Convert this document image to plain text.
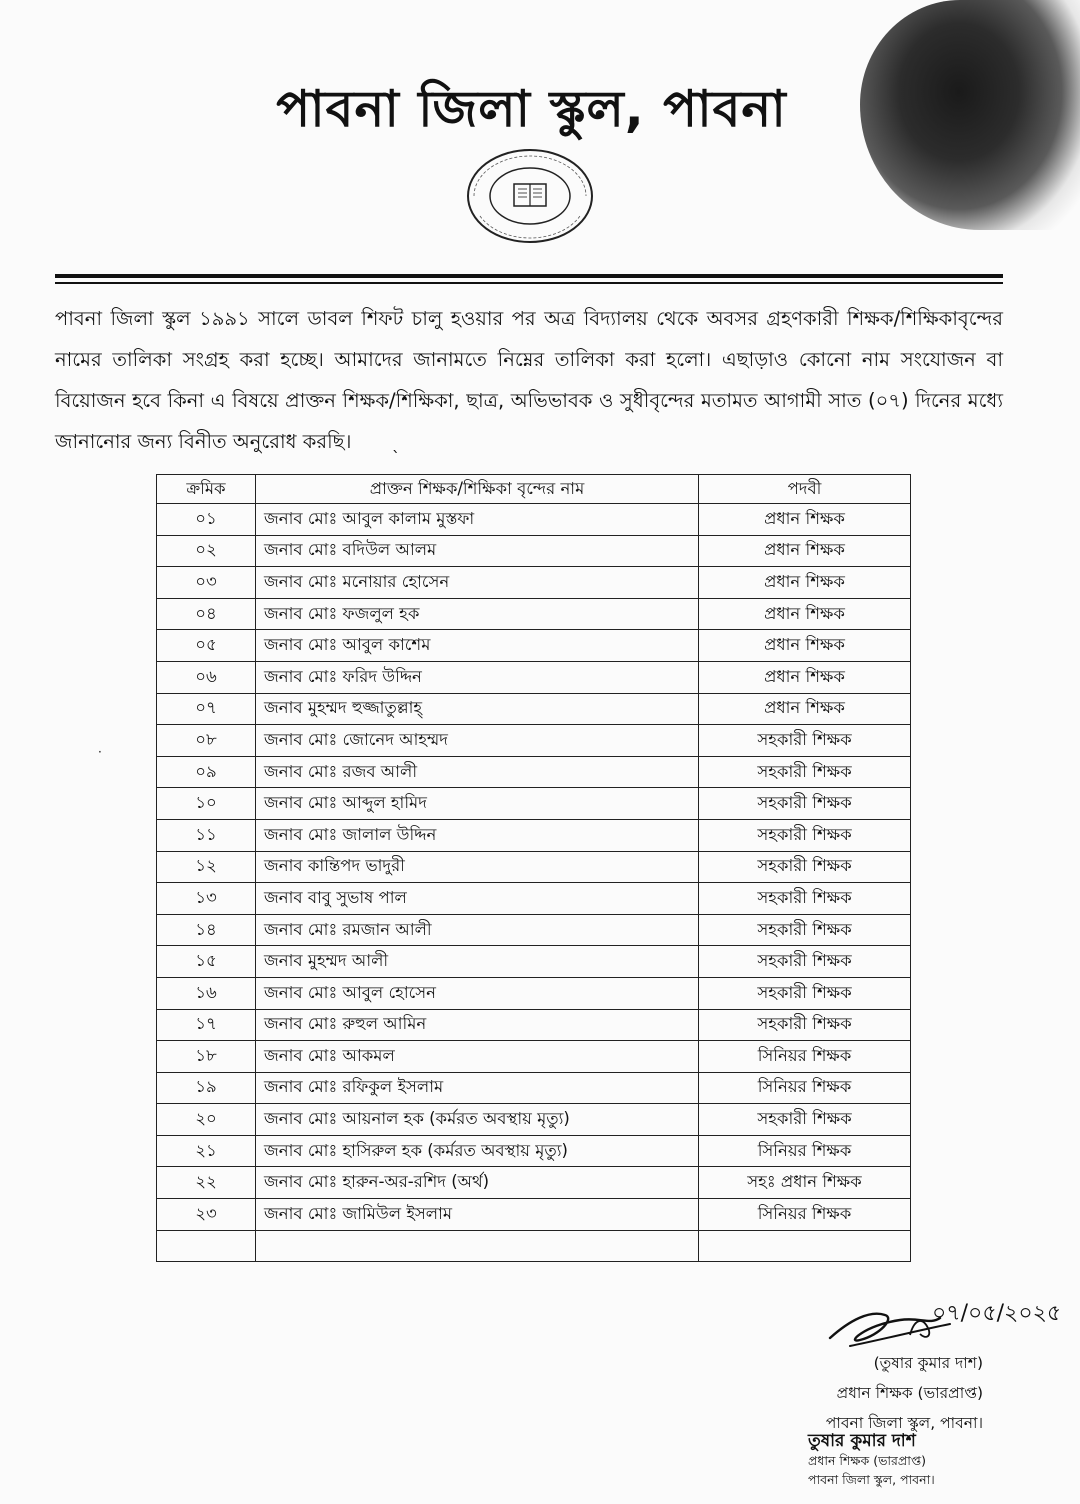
পাবনা জিলা স্কুল, পাবনা
পাবনা জিলা স্কুল ১৯৯১ সালে ডাবল শিফট চালু হওয়ার পর অত্র বিদ্যালয় থেকে অবসর গ্রহণকারী শিক্ষক/শিক্ষিকাবৃন্দের নামের তালিকা সংগ্রহ করা হচ্ছে। আমাদের জানামতে নিম্নের তালিকা করা হলো। এছাড়াও কোনো নাম সংযোজন বা বিয়োজন হবে কিনা এ বিষয়ে প্রাক্তন শিক্ষক/শিক্ষিকা, ছাত্র, অভিভাবক ও সুধীবৃন্দের মতামত আগামী সাত (০৭) দিনের মধ্যে জানানোর জন্য বিনীত অনুরোধ করছি।
ˋ
·
ক্রমিক	প্রাক্তন শিক্ষক/শিক্ষিকা বৃন্দের নাম	পদবী
০১	জনাব মোঃ আবুল কালাম মুস্তফা	প্রধান শিক্ষক
০২	জনাব মোঃ বদিউল আলম	প্রধান শিক্ষক
০৩	জনাব মোঃ মনোয়ার হোসেন	প্রধান শিক্ষক
০৪	জনাব মোঃ ফজলুল হক	প্রধান শিক্ষক
০৫	জনাব মোঃ আবুল কাশেম	প্রধান শিক্ষক
০৬	জনাব মোঃ ফরিদ উদ্দিন	প্রধান শিক্ষক
০৭	জনাব মুহম্মদ হুজ্জাতুল্লাহ্	প্রধান শিক্ষক
০৮	জনাব মোঃ জোনেদ আহম্মদ	সহকারী শিক্ষক
০৯	জনাব মোঃ রজব আলী	সহকারী শিক্ষক
১০	জনাব মোঃ আব্দুল হামিদ	সহকারী শিক্ষক
১১	জনাব মোঃ জালাল উদ্দিন	সহকারী শিক্ষক
১২	জনাব কান্তিপদ ভাদুরী	সহকারী শিক্ষক
১৩	জনাব বাবু সুভাষ পাল	সহকারী শিক্ষক
১৪	জনাব মোঃ রমজান আলী	সহকারী শিক্ষক
১৫	জনাব মুহম্মদ আলী	সহকারী শিক্ষক
১৬	জনাব মোঃ আবুল হোসেন	সহকারী শিক্ষক
১৭	জনাব মোঃ রুহুল আমিন	সহকারী শিক্ষক
১৮	জনাব মোঃ আকমল	সিনিয়র শিক্ষক
১৯	জনাব মোঃ রফিকুল ইসলাম	সিনিয়র শিক্ষক
২০	জনাব মোঃ আয়নাল হক (কর্মরত অবস্থায় মৃত্যু)	সহকারী শিক্ষক
২১	জনাব মোঃ হাসিরুল হক (কর্মরত অবস্থায় মৃত্যু)	সিনিয়র শিক্ষক
২২	জনাব মোঃ হারুন-অর-রশিদ (অর্থ)	সহঃ প্রধান শিক্ষক
২৩	জনাব মোঃ জামিউল ইসলাম	সিনিয়র শিক্ষক

০৭/০৫/২০২৫
(তুষার কুমার দাশ)
প্রধান শিক্ষক (ভারপ্রাপ্ত)
পাবনা জিলা স্কুল, পাবনা।
তুষার কুমার দাশ
প্রধান শিক্ষক (ভারপ্রাপ্ত)
পাবনা জিলা স্কুল, পাবনা।
